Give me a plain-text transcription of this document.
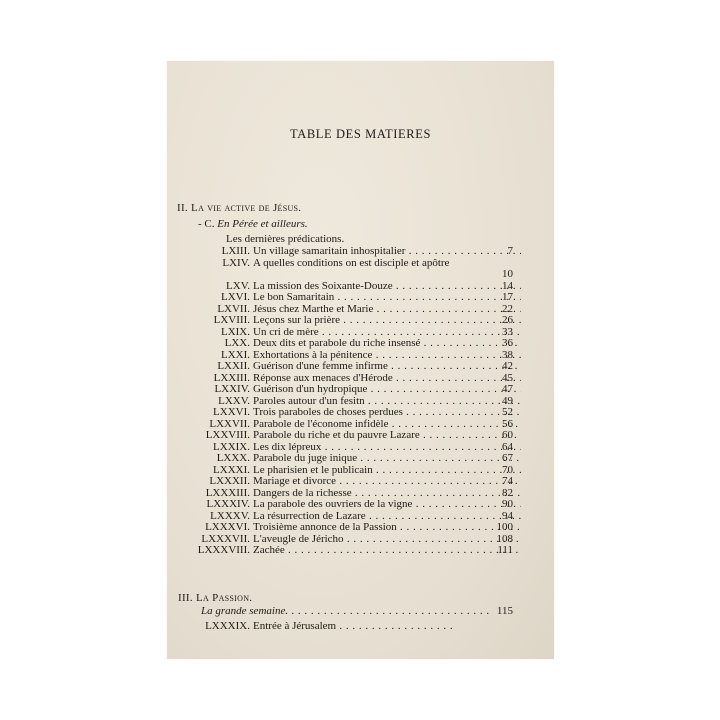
TABLE DES MATIERES
II. La vie active de Jésus.
- C. En Pérée et ailleurs.
Les dernières prédications.
LXIII. Un village samaritain inhospitalier . . .	7
LXIV. A quelles conditions on est disciple et apôtre
10
LXV. La mission des Soixante-Douze . . .	14
LXVI. Le bon Samaritain . . .	17
LXVII. Jésus chez Marthe et Marie . . .	22
LXVIII. Leçons sur la prière . . .	26
LXIX. Un cri de mère . . .	33
LXX. Deux dits et parabole du riche insensé . . .	36
LXXI. Exhortations à la pénitence . . .	38
LXXII. Guérison d'une femme infirme . . .	42
LXXIII. Réponse aux menaces d'Hérode . . .	45
LXXIV. Guérison d'un hydropique . . .	47
LXXV. Paroles autour d'un fesitn . . .	49
LXXVI. Trois paraboles de choses perdues . . .	52
LXXVII. Parabole de l'économe infidèle . . .	56
LXXVIII. Parabole du riche et du pauvre Lazare . . .	60
LXXIX. Les dix lépreux . . .	64
LXXX. Parabole du juge inique . . .	67
LXXXI. Le pharisien et le publicain . . .	70
LXXXII. Mariage et divorce . . .	74
LXXXIII. Dangers de la richesse . . .	82
LXXXIV. La parabole des ouvriers de la vigne . . .	90
LXXXV. La résurrection de Lazare . . .	94
LXXXVI. Troisième annonce de la Passion . . .	100
LXXXVII. L'aveugle de Jéricho . . .	108
LXXXVIII. Zachée . . .	111
III. La Passion.
La grande semaine. . . .	115
LXXXIX. Entrée à Jérusalem . . .
